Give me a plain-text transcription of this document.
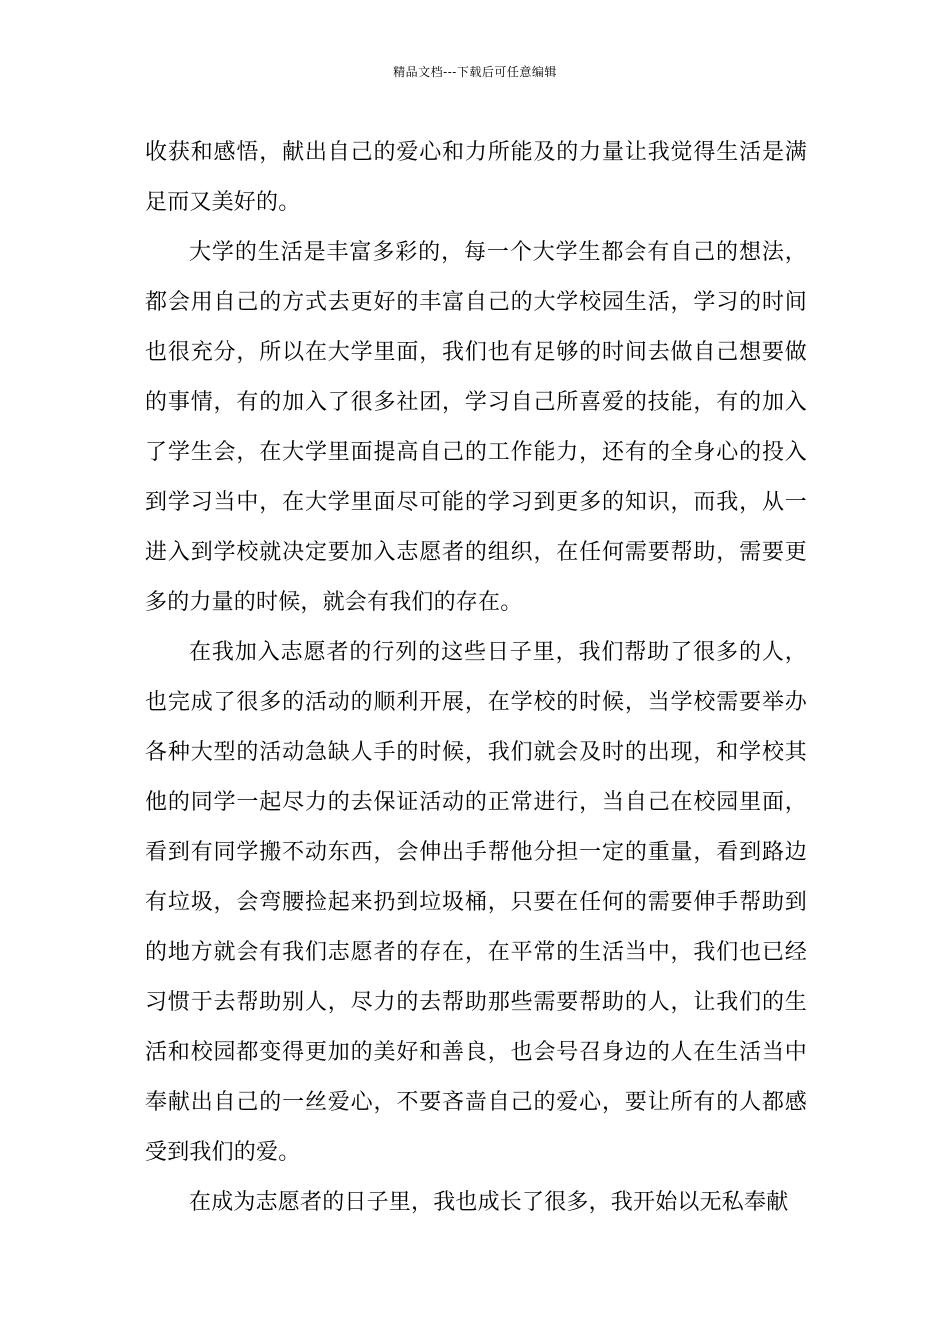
精品文档---下载后可任意编辑

收获和感悟，献出自己的爱心和力所能及的力量让我觉得生活是满足而又美好的。

大学的生活是丰富多彩的，每一个大学生都会有自己的想法，都会用自己的方式去更好的丰富自己的大学校园生活，学习的时间也很充分，所以在大学里面，我们也有足够的时间去做自己想要做的事情，有的加入了很多社团，学习自己所喜爱的技能，有的加入了学生会，在大学里面提高自己的工作能力，还有的全身心的投入到学习当中，在大学里面尽可能的学习到更多的知识，而我，从一进入到学校就决定要加入志愿者的组织，在任何需要帮助，需要更多的力量的时候，就会有我们的存在。

在我加入志愿者的行列的这些日子里，我们帮助了很多的人，也完成了很多的活动的顺利开展，在学校的时候，当学校需要举办各种大型的活动急缺人手的时候，我们就会及时的出现，和学校其他的同学一起尽力的去保证活动的正常进行，当自己在校园里面，看到有同学搬不动东西，会伸出手帮他分担一定的重量，看到路边有垃圾，会弯腰捡起来扔到垃圾桶，只要在任何的需要伸手帮助到的地方就会有我们志愿者的存在，在平常的生活当中，我们也已经习惯于去帮助别人，尽力的去帮助那些需要帮助的人，让我们的生活和校园都变得更加的美好和善良，也会号召身边的人在生活当中奉献出自己的一丝爱心，不要吝啬自己的爱心，要让所有的人都感受到我们的爱。

在成为志愿者的日子里，我也成长了很多，我开始以无私奉献
